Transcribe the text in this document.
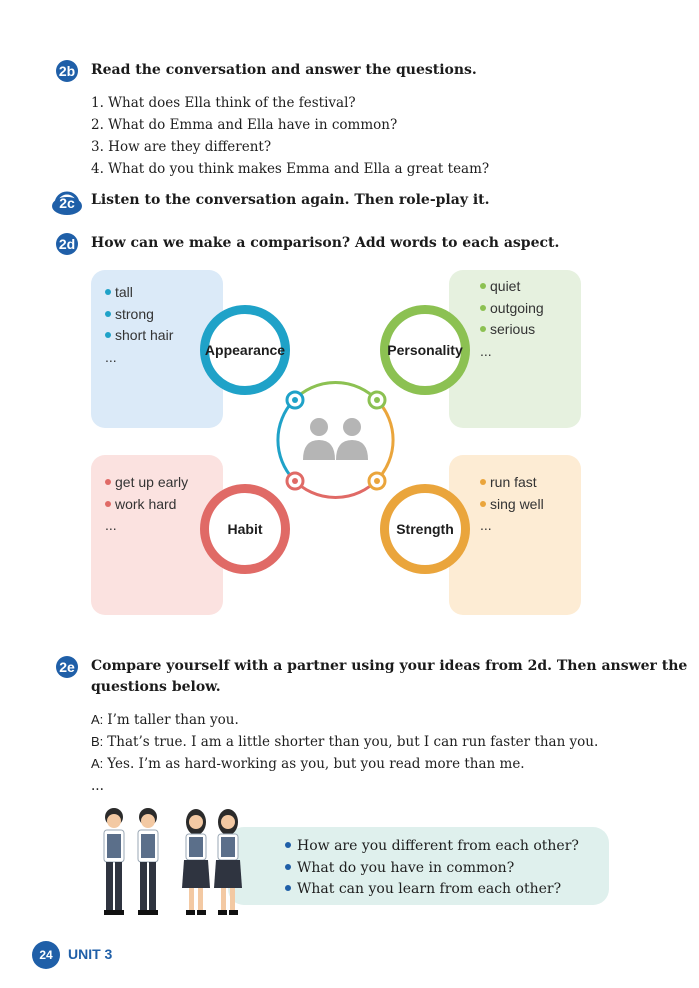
2b Read the conversation and answer the questions.
1. What does Ella think of the festival?
2. What do Emma and Ella have in common?
3. How are they different?
4. What do you think makes Emma and Ella a great team?
2c	Listen to the conversation again. Then role-play it.
2d How can we make a comparison? Add words to each aspect.
tall
strong
short hair
...
quiet
outgoing
serious
...
get up early
work hard
...
run fast
sing well
...
Appearance	Personality
Habit	Strength
2e Compare yourself with a partner using your ideas from 2d. Then answer the
questions below.
A: I’m taller than you.
B: That’s true. I am a little shorter than you, but I can run faster than you.
A: Yes. I’m as hard-working as you, but you read more than me.
...
How are you different from each other?
What do you have in common?
What can you learn from each other?
24	UNIT 3
